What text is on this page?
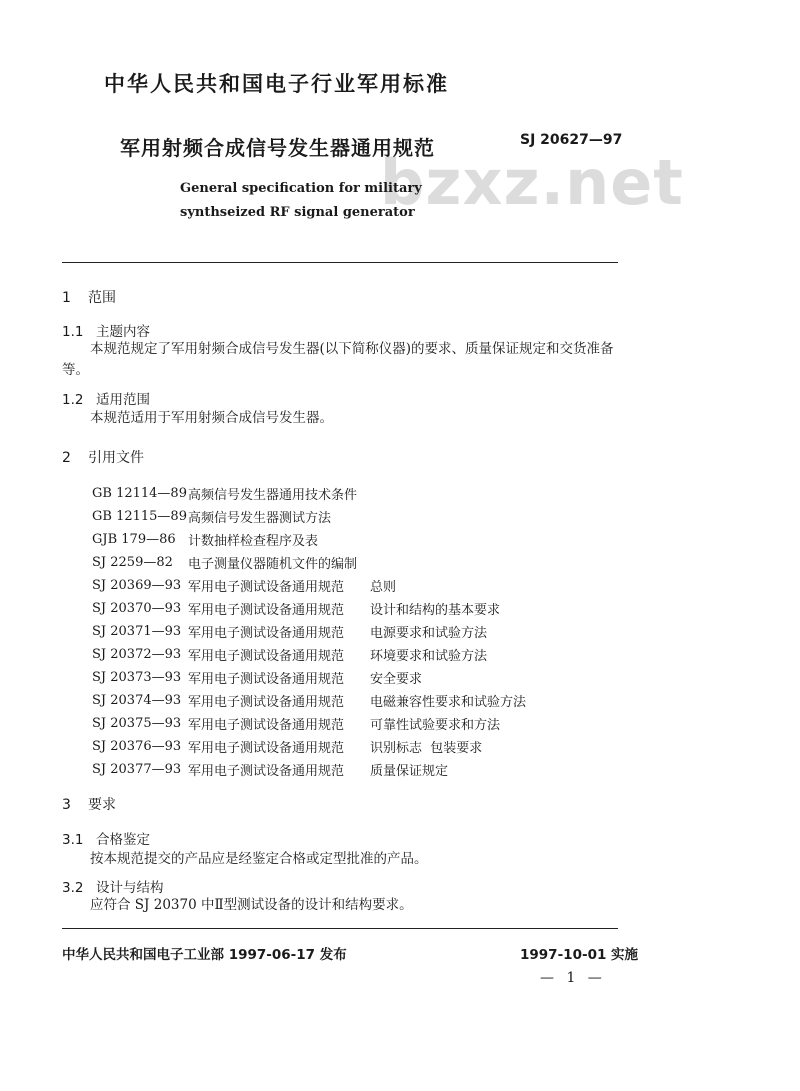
bzxz.net
中华人民共和国电子行业军用标准
军用射频合成信号发生器通用规范	SJ 20627—97
General specification for military
synthseized RF signal generator
1 范围
1.1 主题内容
本规范规定了军用射频合成信号发生器(以下简称仪器)的要求、质量保证规定和交货准备等。
1.2 适用范围
本规范适用于军用射频合成信号发生器。
2 引用文件
GB 12114—89 高频信号发生器通用技术条件
GB 12115—89 高频信号发生器测试方法
GJB 179—86 计数抽样检查程序及表
SJ 2259—82	电子测量仪器随机文件的编制
SJ 20369—93 军用电子测试设备通用规范	总则
SJ 20370—93 军用电子测试设备通用规范	设计和结构的基本要求
SJ 20371—93 军用电子测试设备通用规范	电源要求和试验方法
SJ 20372—93 军用电子测试设备通用规范	环境要求和试验方法
SJ 20373—93 军用电子测试设备通用规范	安全要求
SJ 20374—93 军用电子测试设备通用规范	电磁兼容性要求和试验方法
SJ 20375—93 军用电子测试设备通用规范	可靠性试验要求和方法
SJ 20376—93 军用电子测试设备通用规范	识别标志  包装要求
SJ 20377—93 军用电子测试设备通用规范	质量保证规定
3 要求
3.1 合格鉴定
按本规范提交的产品应是经鉴定合格或定型批准的产品。
3.2 设计与结构
应符合 SJ 20370 中Ⅱ型测试设备的设计和结构要求。
中华人民共和国电子工业部 1997-06-17 发布	1997-10-01 实施
— 1 —
